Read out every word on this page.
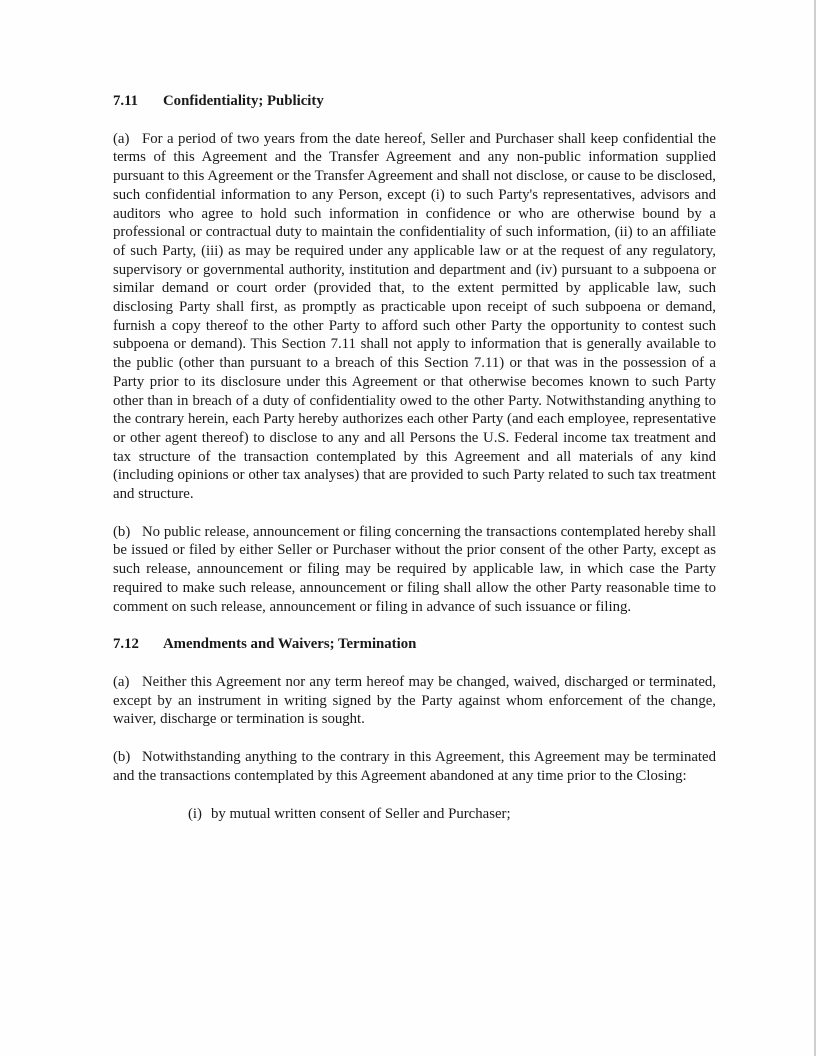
7.11	Confidentiality; Publicity

(a) For a period of two years from the date hereof, Seller and Purchaser shall keep confidential the terms of this Agreement and the Transfer Agreement and any non-public information supplied pursuant to this Agreement or the Transfer Agreement and shall not disclose, or cause to be disclosed, such confidential information to any Person, except (i) to such Party's representatives, advisors and auditors who agree to hold such information in confidence or who are otherwise bound by a professional or contractual duty to maintain the confidentiality of such information, (ii) to an affiliate of such Party, (iii) as may be required under any applicable law or at the request of any regulatory, supervisory or governmental authority, institution and department and (iv) pursuant to a subpoena or similar demand or court order (provided that, to the extent permitted by applicable law, such disclosing Party shall first, as promptly as practicable upon receipt of such subpoena or demand, furnish a copy thereof to the other Party to afford such other Party the opportunity to contest such subpoena or demand). This Section 7.11 shall not apply to information that is generally available to the public (other than pursuant to a breach of this Section 7.11) or that was in the possession of a Party prior to its disclosure under this Agreement or that otherwise becomes known to such Party other than in breach of a duty of confidentiality owed to the other Party. Notwithstanding anything to the contrary herein, each Party hereby authorizes each other Party (and each employee, representative or other agent thereof) to disclose to any and all Persons the U.S. Federal income tax treatment and tax structure of the transaction contemplated by this Agreement and all materials of any kind (including opinions or other tax analyses) that are provided to such Party related to such tax treatment and structure.

(b) No public release, announcement or filing concerning the transactions contemplated hereby shall be issued or filed by either Seller or Purchaser without the prior consent of the other Party, except as such release, announcement or filing may be required by applicable law, in which case the Party required to make such release, announcement or filing shall allow the other Party reasonable time to comment on such release, announcement or filing in advance of such issuance or filing.

7.12	Amendments and Waivers; Termination

(a) Neither this Agreement nor any term hereof may be changed, waived, discharged or terminated, except by an instrument in writing signed by the Party against whom enforcement of the change, waiver, discharge or termination is sought.

(b) Notwithstanding anything to the contrary in this Agreement, this Agreement may be terminated and the transactions contemplated by this Agreement abandoned at any time prior to the Closing:

(i) by mutual written consent of Seller and Purchaser;
